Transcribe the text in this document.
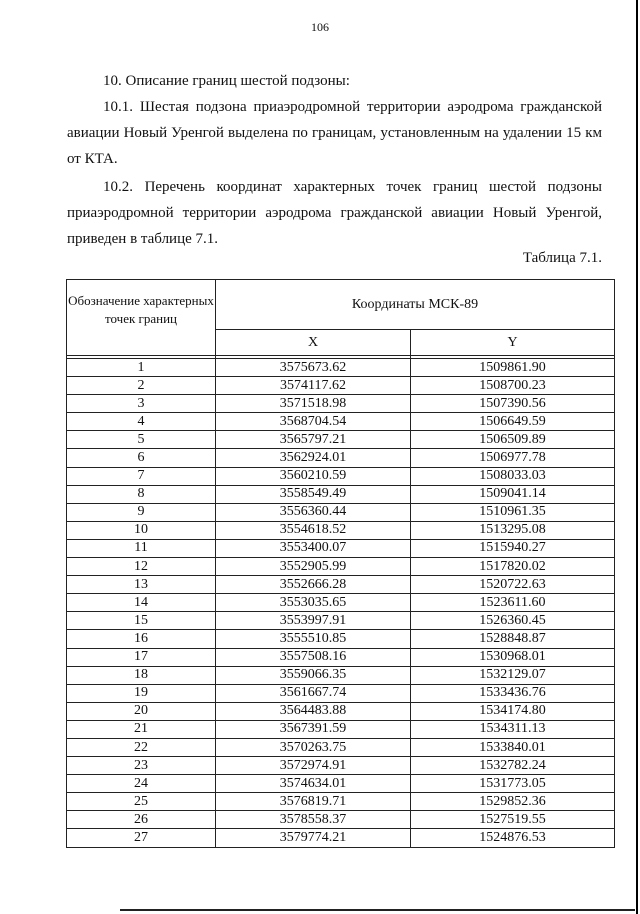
106
10. Описание границ шестой подзоны:
10.1. Шестая подзона приаэродромной территории аэродрома гражданской авиации Новый Уренгой выделена по границам, установленным на удалении 15 км от КТА.
10.2. Перечень координат характерных точек границ шестой подзоны приаэродромной территории аэродрома гражданской авиации Новый Уренгой, приведен в таблице 7.1.
Таблица 7.1.
Обозначение характерных точек границ	Координаты МСК-89	
	X	Y

1	3575673.62	1509861.90
2	3574117.62	1508700.23
3	3571518.98	1507390.56
4	3568704.54	1506649.59
5	3565797.21	1506509.89
6	3562924.01	1506977.78
7	3560210.59	1508033.03
8	3558549.49	1509041.14
9	3556360.44	1510961.35
10	3554618.52	1513295.08
11	3553400.07	1515940.27
12	3552905.99	1517820.02
13	3552666.28	1520722.63
14	3553035.65	1523611.60
15	3553997.91	1526360.45
16	3555510.85	1528848.87
17	3557508.16	1530968.01
18	3559066.35	1532129.07
19	3561667.74	1533436.76
20	3564483.88	1534174.80
21	3567391.59	1534311.13
22	3570263.75	1533840.01
23	3572974.91	1532782.24
24	3574634.01	1531773.05
25	3576819.71	1529852.36
26	3578558.37	1527519.55
27	3579774.21	1524876.53
